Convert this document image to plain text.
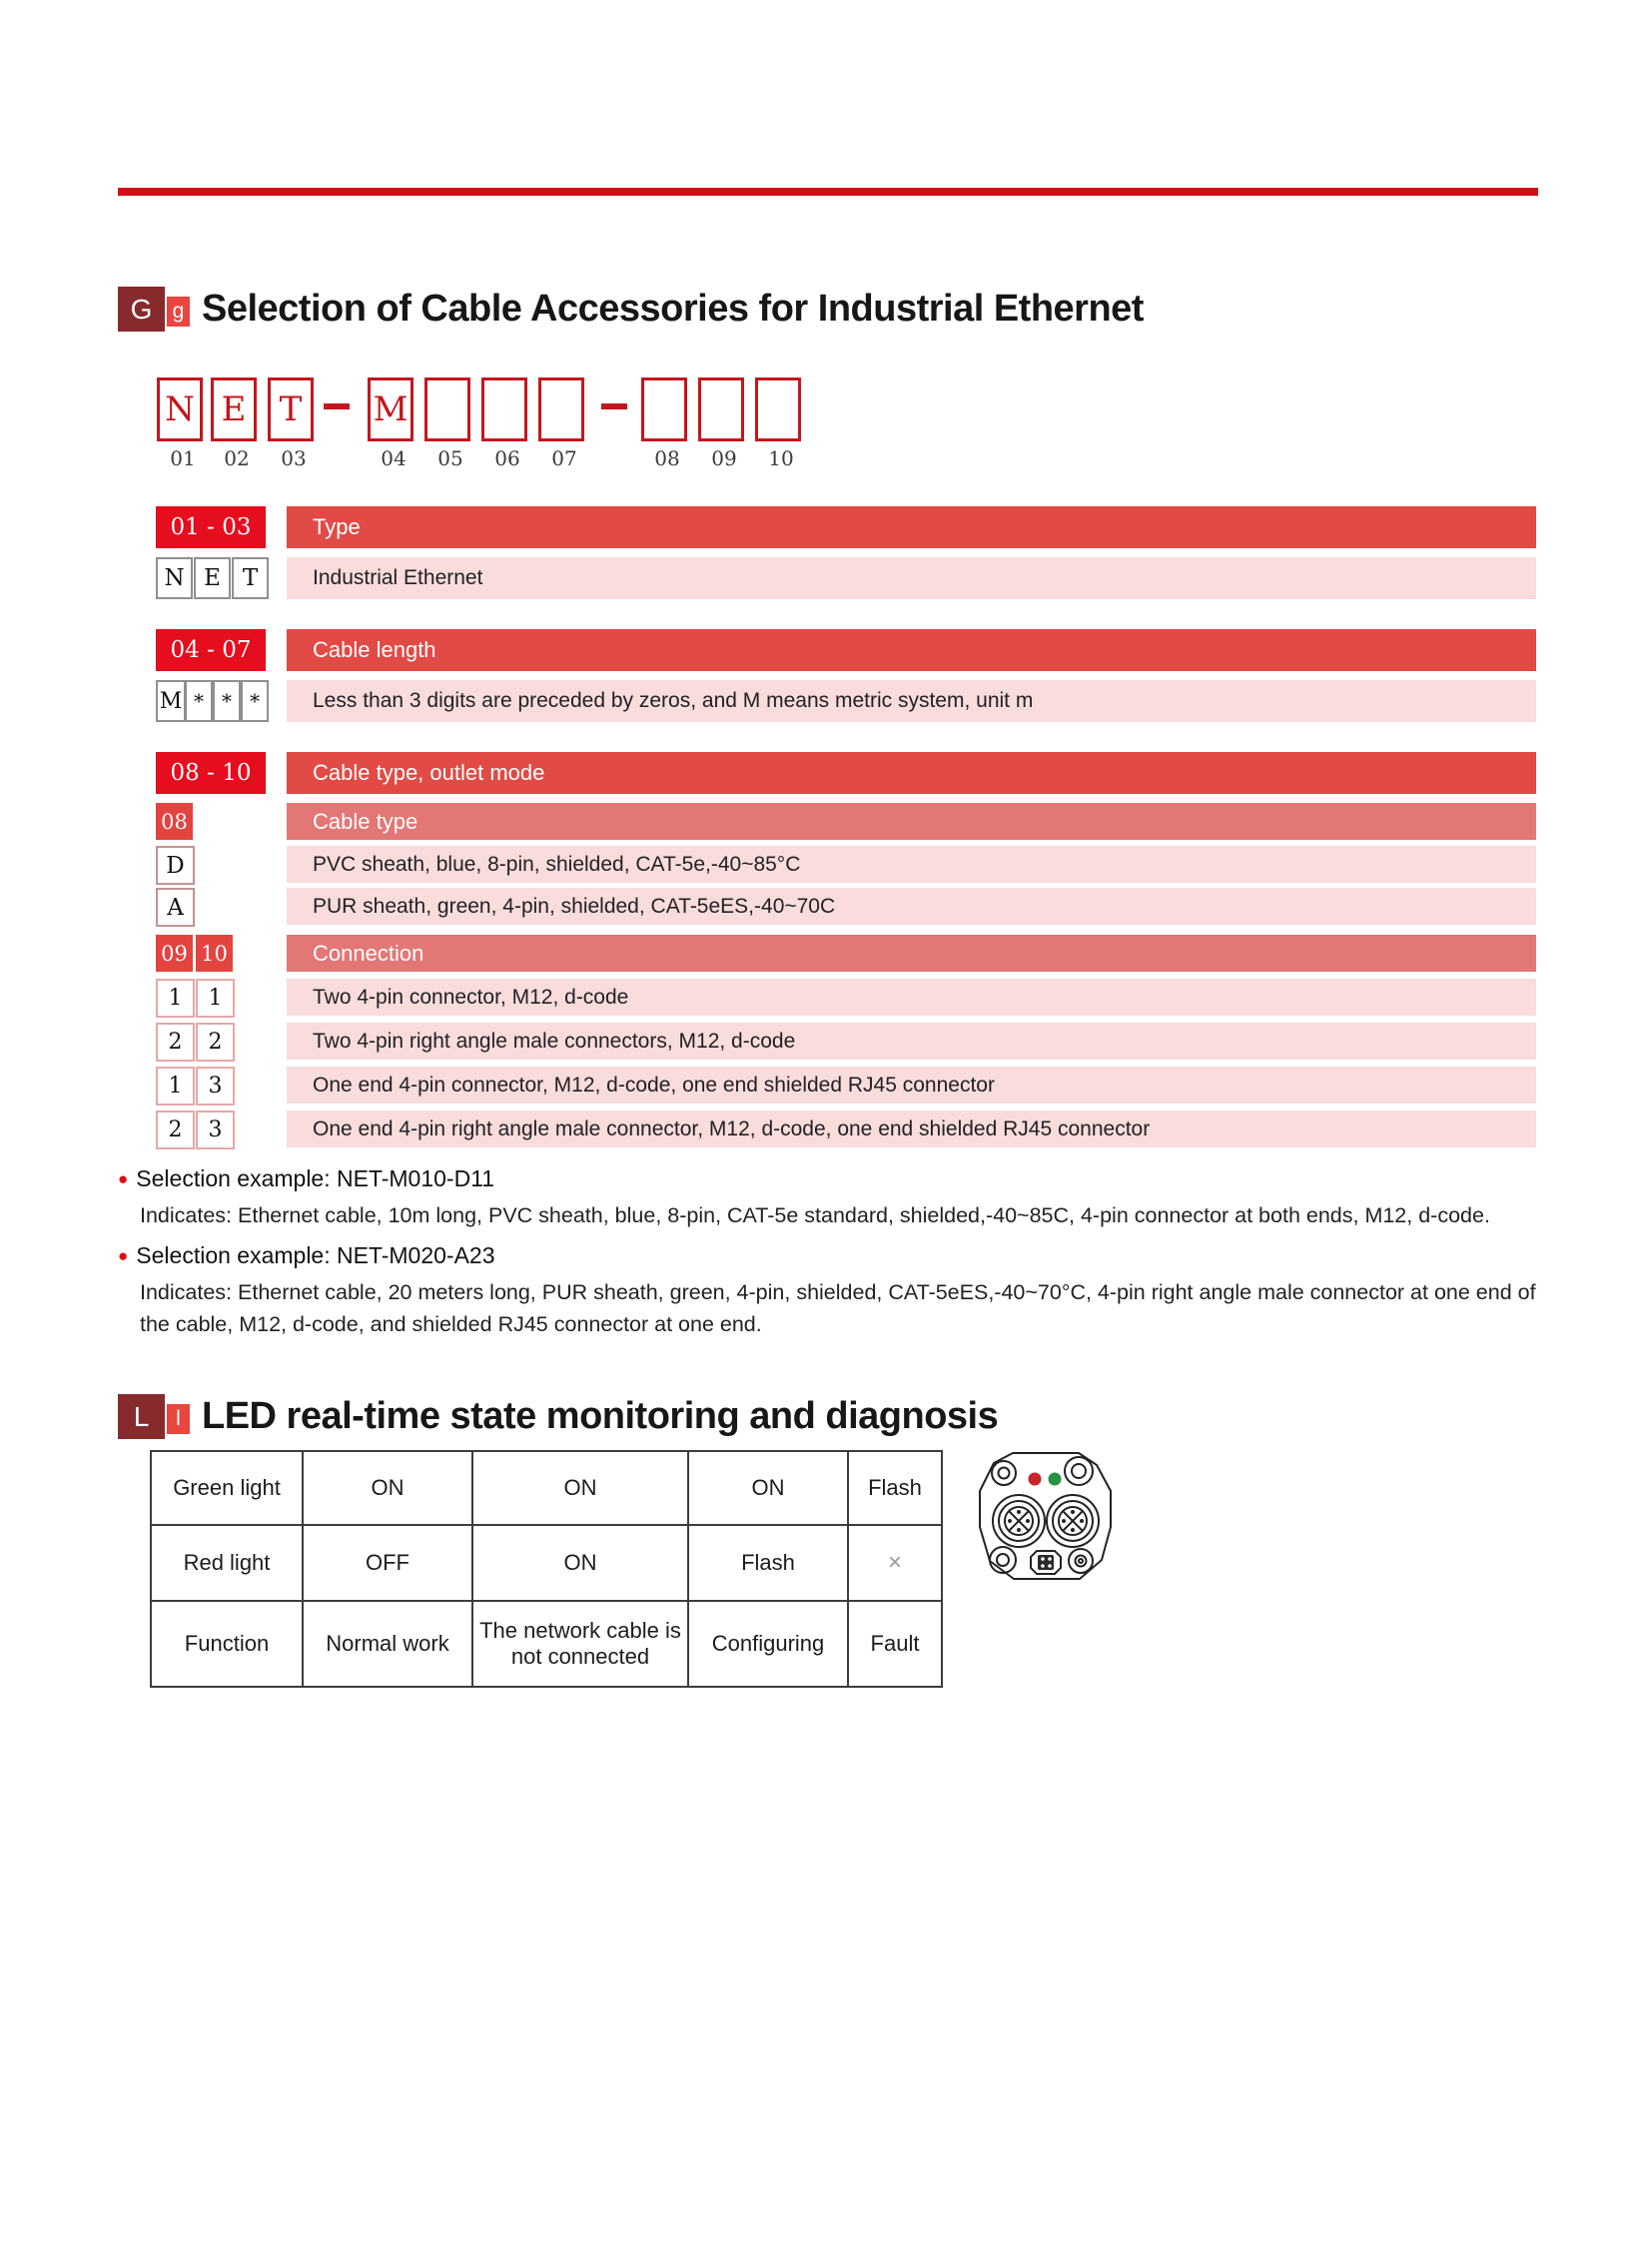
G g Selection of Cable Accessories for Industrial Ethernet
N
01
E
02
T
03
M
04	05	06	07	08	09	10
01 - 03	Type
N E T	Industrial Ethernet
04 - 07	Cable length
M * * *	Less than 3 digits are preceded by zeros, and M means metric system, unit m
08 - 10	Cable type, outlet mode
08	Cable type
D	PVC sheath, blue, 8-pin, shielded, CAT-5e,-40~85°C
A	PUR sheath, green, 4-pin, shielded, CAT-5eES,-40~70C
09 10	Connection
1	1	Two 4-pin connector, M12, d-code
2	2	Two 4-pin right angle male connectors, M12, d-code
1	3	One end 4-pin connector, M12, d-code, one end shielded RJ45 connector
2	3	One end 4-pin right angle male connector, M12, d-code, one end shielded RJ45 connector
● Selection example: NET-M010-D11
Indicates: Ethernet cable, 10m long, PVC sheath, blue, 8-pin, CAT-5e standard, shielded,-40~85C, 4-pin connector at both ends, M12, d-code.
● Selection example: NET-M020-A23
Indicates: Ethernet cable, 20 meters long, PUR sheath, green, 4-pin, shielded, CAT-5eES,-40~70°C, 4-pin right angle male connector at one end of the cable, M12, d-code, and shielded RJ45 connector at one end.
L	l LED real-time state monitoring and diagnosis
Green light	ON	ON	ON	Flash
Red light	OFF	ON	Flash	×
Function	Normal work	The network cable is not connected	Configuring	Fault
